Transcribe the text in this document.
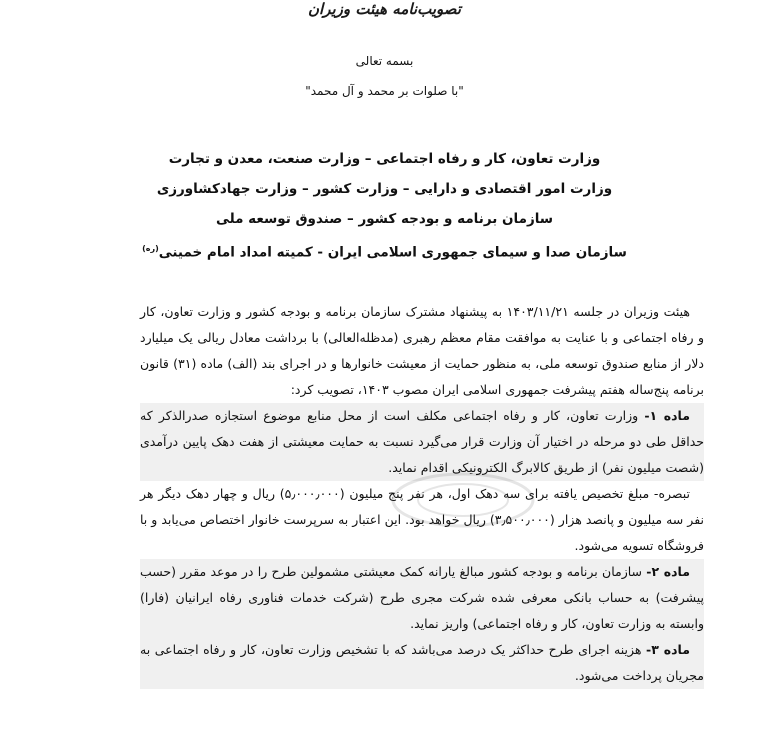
تصویب‌نامه هیئت وزیران
بسمه تعالی
"با صلوات بر محمد و آل محمد"
وزارت تعاون، کار و رفاه اجتماعی – وزارت صنعت، معدن و تجارت
وزارت امور اقتصادی و دارایی – وزارت کشور – وزارت جهادکشاورزی
سازمان برنامه و بودجه کشور – صندوق توسعه ملی
سازمان صدا و سیمای جمهوری اسلامی ایران - کمیته امداد امام خمینی$^{(ره)}$

هیئت وزیران در جلسه ۱۴۰۳/۱۱/۲۱ به پیشنهاد مشترک سازمان برنامه و بودجه کشور و وزارت تعاون، کار و رفاه اجتماعی و با عنایت به موافقت مقام معظم رهبری (مدظله‌العالی) با برداشت معادل ریالی یک میلیارد دلار از منابع صندوق توسعه ملی، به منظور حمایت از معیشت خانوارها و در اجرای بند (الف) ماده (۳۱) قانون برنامه پنج‌ساله هفتم پیشرفت جمهوری اسلامی ایران مصوب ۱۴۰۳، تصویب کرد:

ماده ۱- وزارت تعاون، کار و رفاه اجتماعی مکلف است از محل منابع موضوع استجازه صدرالذکر که حداقل طی دو مرحله در اختیار آن وزارت قرار می‌گیرد نسبت به حمایت معیشتی از هفت دهک پایین درآمدی (شصت میلیون نفر) از طریق کالابرگ الکترونیکی اقدام نماید.

تبصره- مبلغ تخصیص یافته برای سه دهک اول، هر نفر پنج میلیون (۵٫۰۰۰٫۰۰۰) ریال و چهار دهک دیگر هر نفر سه میلیون و پانصد هزار (۳٫۵۰۰٫۰۰۰) ریال خواهد بود. این اعتبار به سرپرست خانوار اختصاص می‌یابد و با فروشگاه تسویه می‌شود.

ماده ۲- سازمان برنامه و بودجه کشور مبالغ یارانه کمک معیشتی مشمولین طرح را در موعد مقرر (حسب پیشرفت) به حساب بانکی معرفی شده شرکت مجری طرح (شرکت خدمات فناوری رفاه ایرانیان (فارا) وابسته به وزارت تعاون، کار و رفاه اجتماعی) واریز نماید.

ماده ۳- هزینه اجرای طرح حداکثر یک درصد می‌باشد که با تشخیص وزارت تعاون، کار و رفاه اجتماعی به مجریان پرداخت می‌شود.
